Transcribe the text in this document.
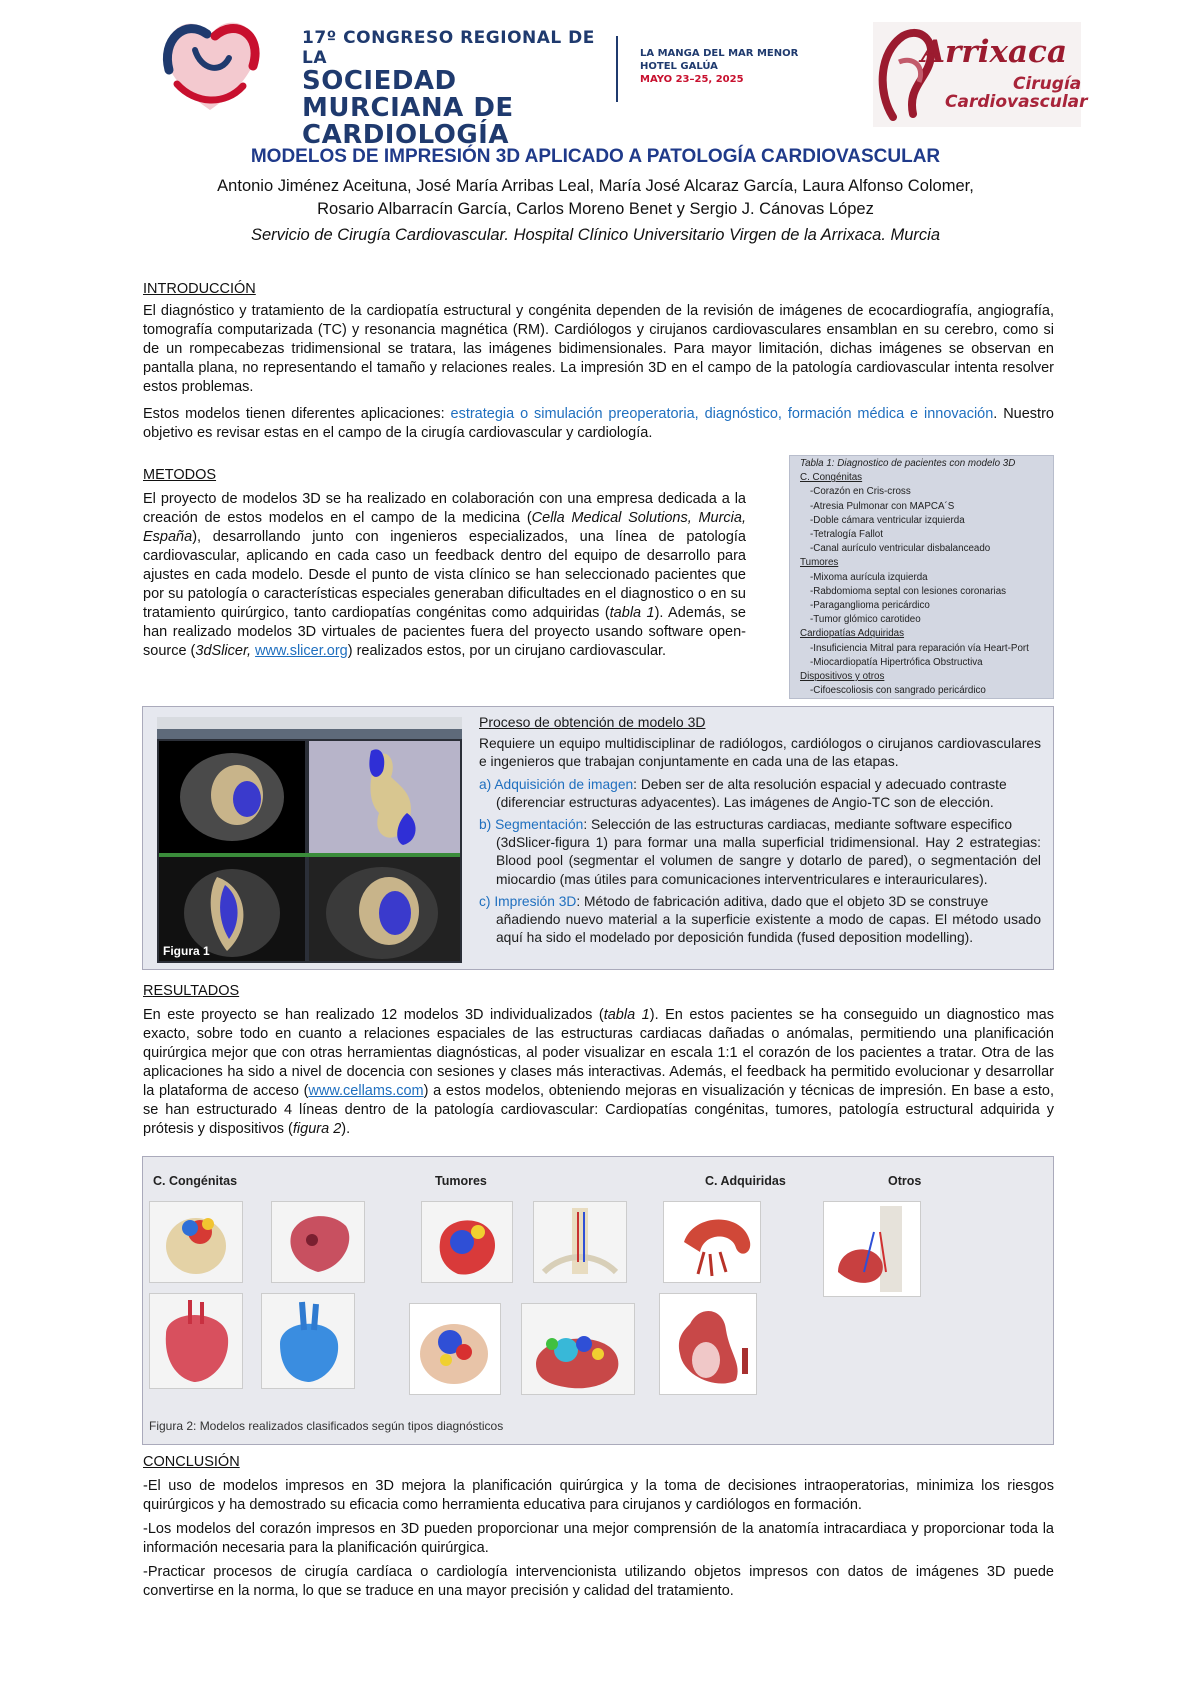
17º CONGRESO REGIONAL DE LA
SOCIEDAD MURCIANA DE
CARDIOLOGÍA
LA MANGA DEL MAR MENOR
HOTEL GALÚA
MAYO 23–25, 2025
Arrixaca
Cirugía
Cardiovascular
MODELOS DE IMPRESIÓN 3D APLICADO A PATOLOGÍA CARDIOVASCULAR
Antonio Jiménez Aceituna, José María Arribas Leal, María José Alcaraz García, Laura Alfonso Colomer,
Rosario Albarracín García, Carlos Moreno Benet y Sergio J. Cánovas López
Servicio de Cirugía Cardiovascular. Hospital Clínico Universitario Virgen de la Arrixaca. Murcia
INTRODUCCIÓN
El diagnóstico y tratamiento de la cardiopatía estructural y congénita dependen de la revisión de imágenes de ecocardiografía, angiografía, tomografía computarizada (TC) y resonancia magnética (RM). Cardiólogos y cirujanos cardiovasculares ensamblan en su cerebro, como si de un rompecabezas tridimensional se tratara, las imágenes bidimensionales. Para mayor limitación, dichas imágenes se observan en pantalla plana, no representando el tamaño y relaciones reales. La impresión 3D en el campo de la patología cardiovascular intenta resolver estos problemas.
Estos modelos tienen diferentes aplicaciones: estrategia o simulación preoperatoria, diagnóstico, formación médica e innovación. Nuestro objetivo es revisar estas en el campo de la cirugía cardiovascular y cardiología.
METODOS
El proyecto de modelos 3D se ha realizado en colaboración con una empresa dedicada a la creación de estos modelos en el campo de la medicina (Cella Medical Solutions, Murcia, España), desarrollando junto con ingenieros especializados, una línea de patología cardiovascular, aplicando en cada caso un feedback dentro del equipo de desarrollo para ajustes en cada modelo. Desde el punto de vista clínico se han seleccionado pacientes que por su patología o características especiales generaban dificultades en el diagnostico o en su tratamiento quirúrgico, tanto cardiopatías congénitas como adquiridas (tabla 1). Además, se han realizado modelos 3D virtuales de pacientes fuera del proyecto usando software open-source (3dSlicer, www.slicer.org) realizados estos, por un cirujano cardiovascular.
Tabla 1: Diagnostico de pacientes con modelo 3D
C. Congénitas
-Corazón en Cris-cross
-Atresia Pulmonar con MAPCA´S
-Doble cámara ventricular izquierda
-Tetralogía Fallot
-Canal aurículo ventricular disbalanceado
Tumores
-Mixoma aurícula izquierda
-Rabdomioma septal con lesiones coronarias
-Paraganglioma pericárdico
-Tumor glómico carotideo
Cardiopatías Adquiridas
-Insuficiencia Mitral para reparación vía Heart-Port
-Miocardiopatía Hipertrófica Obstructiva
Dispositivos y otros
-Cifoescoliosis con sangrado pericárdico
Figura 1
Proceso de obtención de modelo 3D
Requiere un equipo multidisciplinar de radiólogos, cardiólogos o cirujanos cardiovasculares e ingenieros que trabajan conjuntamente en cada una de las etapas.
a) Adquisición de imagen: Deben ser de alta resolución espacial y adecuado contraste
(diferenciar estructuras adyacentes). Las imágenes de Angio-TC son de elección.
b) Segmentación: Selección de las estructuras cardiacas, mediante software especifico
(3dSlicer-figura 1) para formar una malla superficial tridimensional. Hay 2 estrategias: Blood pool (segmentar el volumen de sangre y dotarlo de pared), o segmentación del miocardio (mas útiles para comunicaciones interventriculares e interauriculares).
c) Impresión 3D: Método de fabricación aditiva, dado que el objeto 3D se construye
añadiendo nuevo material a la superficie existente a modo de capas. El método usado aquí ha sido el modelado por deposición fundida (fused deposition modelling).
RESULTADOS
En este proyecto se han realizado 12 modelos 3D individualizados (tabla 1). En estos pacientes se ha conseguido un diagnostico mas exacto, sobre todo en cuanto a relaciones espaciales de las estructuras cardiacas dañadas o anómalas, permitiendo una planificación quirúrgica mejor que con otras herramientas diagnósticas, al poder visualizar en escala 1:1 el corazón de los pacientes a tratar. Otra de las aplicaciones ha sido a nivel de docencia con sesiones y clases más interactivas. Además, el feedback ha permitido evolucionar y desarrollar la plataforma de acceso (www.cellams.com) a estos modelos, obteniendo mejoras en visualización y técnicas de impresión. En base a esto, se han estructurado 4 líneas dentro de la patología cardiovascular: Cardiopatías congénitas, tumores, patología estructural adquirida y prótesis y dispositivos (figura 2).
C. Congénitas	Tumores	C. Adquiridas	Otros
Figura 2: Modelos realizados clasificados según tipos diagnósticos
CONCLUSIÓN
-El uso de modelos impresos en 3D mejora la planificación quirúrgica y la toma de decisiones intraoperatorias, minimiza los riesgos quirúrgicos y ha demostrado su eficacia como herramienta educativa para cirujanos y cardiólogos en formación.
-Los modelos del corazón impresos en 3D pueden proporcionar una mejor comprensión de la anatomía intracardiaca y proporcionar toda la información necesaria para la planificación quirúrgica.
-Practicar procesos de cirugía cardíaca o cardiología intervencionista utilizando objetos impresos con datos de imágenes 3D puede convertirse en la norma, lo que se traduce en una mayor precisión y calidad del tratamiento.
